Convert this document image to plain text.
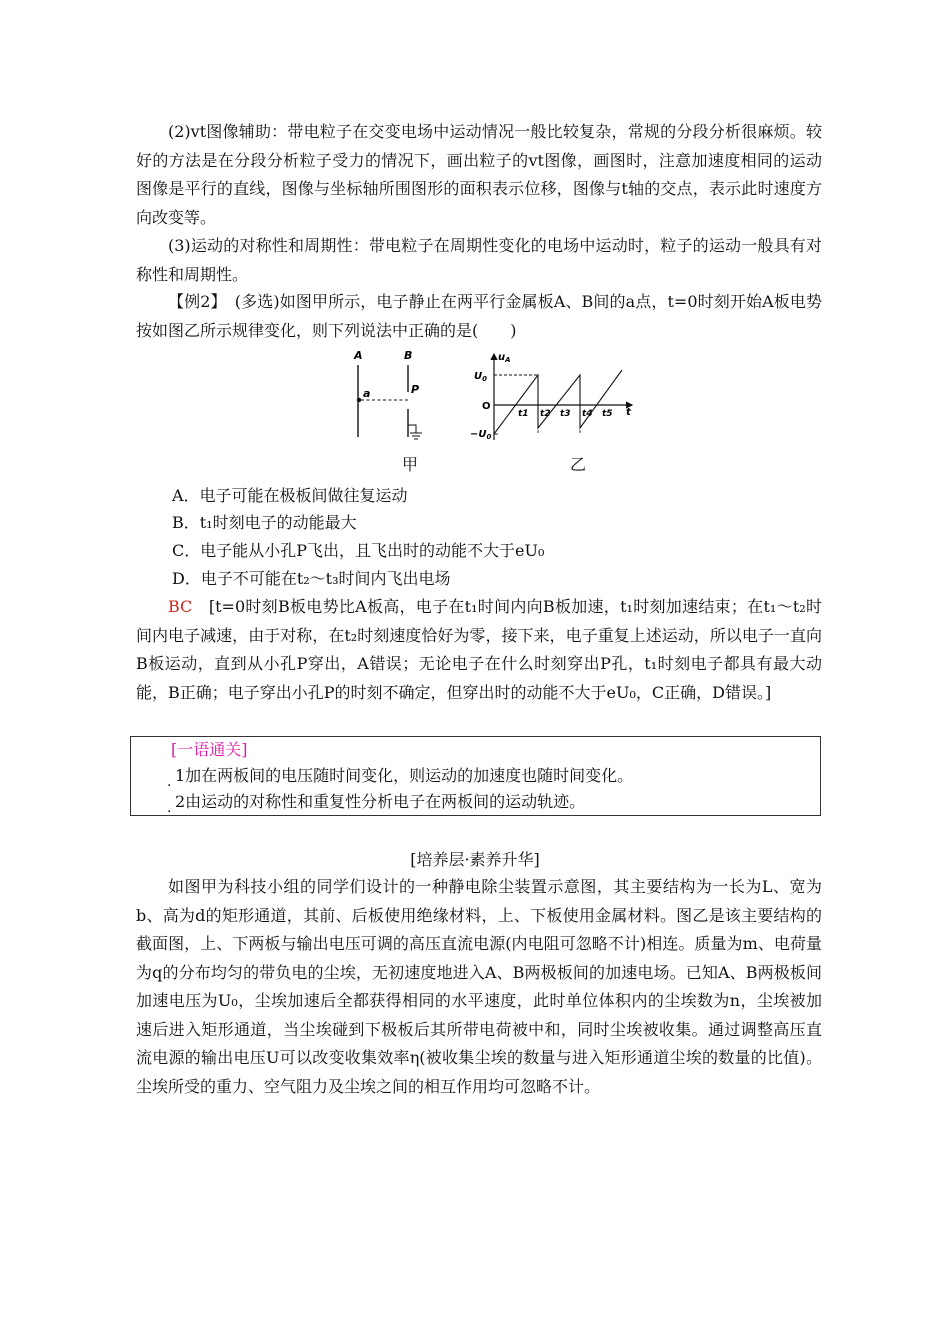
(2)vt图像辅助：带电粒子在交变电场中运动情况一般比较复杂，常规的分段分析很麻烦。较好的方法是在分段分析粒子受力的情况下，画出粒子的vt图像，画图时，注意加速度相同的运动图像是平行的直线，图像与坐标轴所围图形的面积表示位移，图像与t轴的交点，表示此时速度方向改变等。

(3)运动的对称性和周期性：带电粒子在周期性变化的电场中运动时，粒子的运动一般具有对称性和周期性。

【例2】　(多选)如图甲所示，电子静止在两平行金属板A、B间的a点，t=0时刻开始A板电势按如图乙所示规律变化，则下列说法中正确的是(　　)

A	B
a	P
甲
$u_A$
$U_0$
O
$-U_0$
t
t1 t2 t3 t4 t5
乙
A．电子可能在极板间做往复运动
B．t₁时刻电子的动能最大
C．电子能从小孔P飞出，且飞出时的动能不大于eU₀
D．电子不可能在t₂～t₃时间内飞出电场

BC　[t=0时刻B板电势比A板高，电子在t₁时间内向B板加速，t₁时刻加速结束；在t₁～t₂时间内电子减速，由于对称，在t₂时刻速度恰好为零，接下来，电子重复上述运动，所以电子一直向B板运动，直到从小孔P穿出，A错误；无论电子在什么时刻穿出P孔，t₁时刻电子都具有最大动能，B正确；电子穿出小孔P的时刻不确定，但穿出时的动能不大于eU₀，C正确，D错误。]

[一语通关]
·
1加在两板间的电压随时间变化，则运动的加速度也随时间变化。
·
2由运动的对称性和重复性分析电子在两板间的运动轨迹。
[培养层·素养升华]

如图甲为科技小组的同学们设计的一种静电除尘装置示意图，其主要结构为一长为L、宽为b、高为d的矩形通道，其前、后板使用绝缘材料，上、下板使用金属材料。图乙是该主要结构的截面图，上、下两板与输出电压可调的高压直流电源(内电阻可忽略不计)相连。质量为m、电荷量为q的分布均匀的带负电的尘埃，无初速度地进入A、B两极板间的加速电场。已知A、B两极板间加速电压为U₀，尘埃加速后全都获得相同的水平速度，此时单位体积内的尘埃数为n，尘埃被加速后进入矩形通道，当尘埃碰到下极板后其所带电荷被中和，同时尘埃被收集。通过调整高压直流电源的输出电压U可以改变收集效率η(被收集尘埃的数量与进入矩形通道尘埃的数量的比值)。尘埃所受的重力、空气阻力及尘埃之间的相互作用均可忽略不计。
